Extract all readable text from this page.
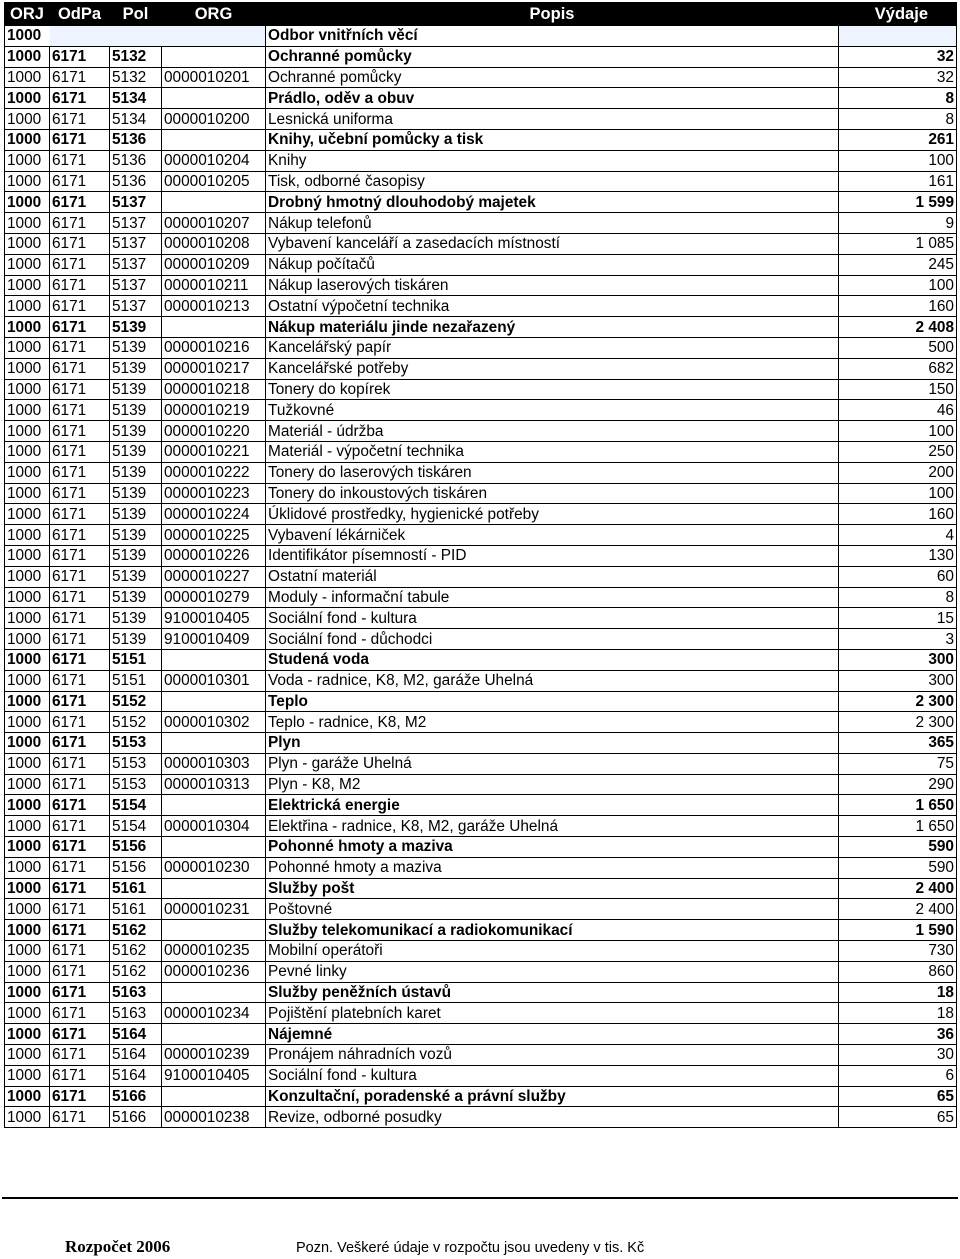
ORJ	OdPa	Pol	ORG	Popis	Výdaje
1000				Odbor vnitřních věcí	
1000	6171	5132		Ochranné pomůcky	32
1000	6171	5132	0000010201	Ochranné pomůcky	32
1000	6171	5134		Prádlo, oděv a obuv	8
1000	6171	5134	0000010200	Lesnická uniforma	8
1000	6171	5136		Knihy, učební pomůcky a tisk	261
1000	6171	5136	0000010204	Knihy	100
1000	6171	5136	0000010205	Tisk, odborné časopisy	161
1000	6171	5137		Drobný hmotný dlouhodobý majetek	1 599
1000	6171	5137	0000010207	Nákup telefonů	9
1000	6171	5137	0000010208	Vybavení kanceláří a zasedacích místností	1 085
1000	6171	5137	0000010209	Nákup počítačů	245
1000	6171	5137	0000010211	Nákup laserových tiskáren	100
1000	6171	5137	0000010213	Ostatní výpočetní technika	160
1000	6171	5139		Nákup materiálu jinde nezařazený	2 408
1000	6171	5139	0000010216	Kancelářský papír	500
1000	6171	5139	0000010217	Kancelářské potřeby	682
1000	6171	5139	0000010218	Tonery do kopírek	150
1000	6171	5139	0000010219	Tužkovné	46
1000	6171	5139	0000010220	Materiál - údržba	100
1000	6171	5139	0000010221	Materiál - výpočetní technika	250
1000	6171	5139	0000010222	Tonery do laserových tiskáren	200
1000	6171	5139	0000010223	Tonery do inkoustových tiskáren	100
1000	6171	5139	0000010224	Úklidové prostředky, hygienické potřeby	160
1000	6171	5139	0000010225	Vybavení lékárniček	4
1000	6171	5139	0000010226	Identifikátor písemností - PID	130
1000	6171	5139	0000010227	Ostatní materiál	60
1000	6171	5139	0000010279	Moduly - informační tabule	8
1000	6171	5139	9100010405	Sociální fond - kultura	15
1000	6171	5139	9100010409	Sociální fond - důchodci	3
1000	6171	5151		Studená voda	300
1000	6171	5151	0000010301	Voda - radnice, K8, M2, garáže Uhelná	300
1000	6171	5152		Teplo	2 300
1000	6171	5152	0000010302	Teplo - radnice, K8, M2	2 300
1000	6171	5153		Plyn	365
1000	6171	5153	0000010303	Plyn - garáže Uhelná	75
1000	6171	5153	0000010313	Plyn - K8, M2	290
1000	6171	5154		Elektrická energie	1 650
1000	6171	5154	0000010304	Elektřina - radnice, K8, M2, garáže Uhelná	1 650
1000	6171	5156		Pohonné hmoty a maziva	590
1000	6171	5156	0000010230	Pohonné hmoty a maziva	590
1000	6171	5161		Služby pošt	2 400
1000	6171	5161	0000010231	Poštovné	2 400
1000	6171	5162		Služby telekomunikací a radiokomunikací	1 590
1000	6171	5162	0000010235	Mobilní operátoři	730
1000	6171	5162	0000010236	Pevné linky	860
1000	6171	5163		Služby peněžních ústavů	18
1000	6171	5163	0000010234	Pojištění platebních karet	18
1000	6171	5164		Nájemné	36
1000	6171	5164	0000010239	Pronájem náhradních vozů	30
1000	6171	5164	9100010405	Sociální fond - kultura	6
1000	6171	5166		Konzultační, poradenské a právní služby	65
1000	6171	5166	0000010238	Revize, odborné posudky	65
Rozpočet 2006	Pozn. Veškeré údaje v rozpočtu jsou uvedeny v tis. Kč
